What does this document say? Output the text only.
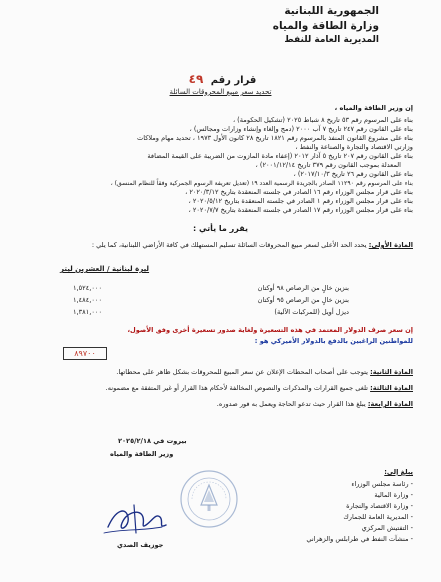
الجمهورية اللبنانية
وزارة الطاقة والمياه
المديرية العامة للنفط
قرار رقم ٤٩
تحديد سعر مبيع المحروقات السائلة
إن وزير الطاقة والمياه ،
بناء على المرسوم رقم ٥٣ تاريخ ٨ شباط ٢٠٢٥ (تشكيل الحكومة) ،
بناء على القانون رقم ٢٤٧ تاريخ ٧ آب ٢٠٠٠ (دمج وإلغاء وإنشاء وزارات ومجالس) ،
بناء على مشروع القانون المنفذ بالمرسوم رقم ١٨٢١ تاريخ ٢٨ كانون الأول ١٩٧٣ ، تحديد مهام وملاكات
وزارتي الاقتصاد والتجارة والصناعة والنفط ،
بناء على القانون رقم ٢٠٧ تاريخ ٥ آذار ٢٠١٢ (إعفاء مادة المازوت من الضريبة على القيمة المضافة
المعدلة بموجب القانون رقم ٣٧٩ تاريخ ٢٠٠١/١٢/١٤) ،
بناء على القانون رقم ٢٦ تاريخ ٢٠١٧/١٠/٣) ،
بناء على المرسوم رقم ١١٢٩٠ الصادر بالجريدة الرسمية العدد ١٩ (تعديل تعريفة الرسوم الجمركية وفقاً للنظام المنسق) ،
بناء على قرار مجلس الوزراء رقم ١٦ الصادر في جلسته المنعقدة بتاريخ ٢٠٢٠/٣/١٢ ،
بناء على قرار مجلس الوزراء رقم ١ الصادر في جلسته المنعقدة بتاريخ ٢٠٢٠/٥/١٢ ،
بناء على قرار مجلس الوزراء رقم ١٧ الصادر في جلسته المنعقدة بتاريخ ٢٠٢٠/٧/٧ ،
يقرر ما يأتي :
المادة الأولى: يحدد الحد الأعلى لسعر مبيع المحروقات السائلة تسليم المستهلك في كافة الأراضي اللبنانية، كما يلي :
ليرة لبنانية / العشرين ليتر
بنزين خالٍ من الرصاص ٩٨ أوكتان
١,٥٢٤,٠٠٠
بنزين خالٍ من الرصاص ٩٥ أوكتان
١,٤٨٤,٠٠٠
ديزل أويل (للمركبات الآلية)
١,٣٨١,٠٠٠
إن سعر صرف الدولار المعتمد في هذه التسعيرة ولغاية صدور تسعيرة أخرى وفق الأصول،
للمواطنين الراغبين بالدفع بالدولار الأميركي هو :
٨٩٧٠٠
المادة الثانية: يتوجب على أصحاب المحطات الإعلان عن سعر المبيع للمحروقات بشكل ظاهر على محطاتها.
المادة الثالثة: تلغى جميع القرارات والمذكرات والنصوص المخالفة لأحكام هذا القرار أو غير المتفقة مع مضمونه.
المادة الرابعة: يبلغ هذا القرار حيث تدعو الحاجة ويعمل به فور صدوره.
بيروت في ٢٠٢٥/٢/١٨
وزير الطاقة والمياه
جوزيف الصدي
يبلغ إلى:
- رئاسة مجلس الوزراء
- وزارة المالية
- وزارة الاقتصاد والتجارة
- المديرية العامة للجمارك
- التفتيش المركزي
- منشآت النفط في طرابلس والزهراني
